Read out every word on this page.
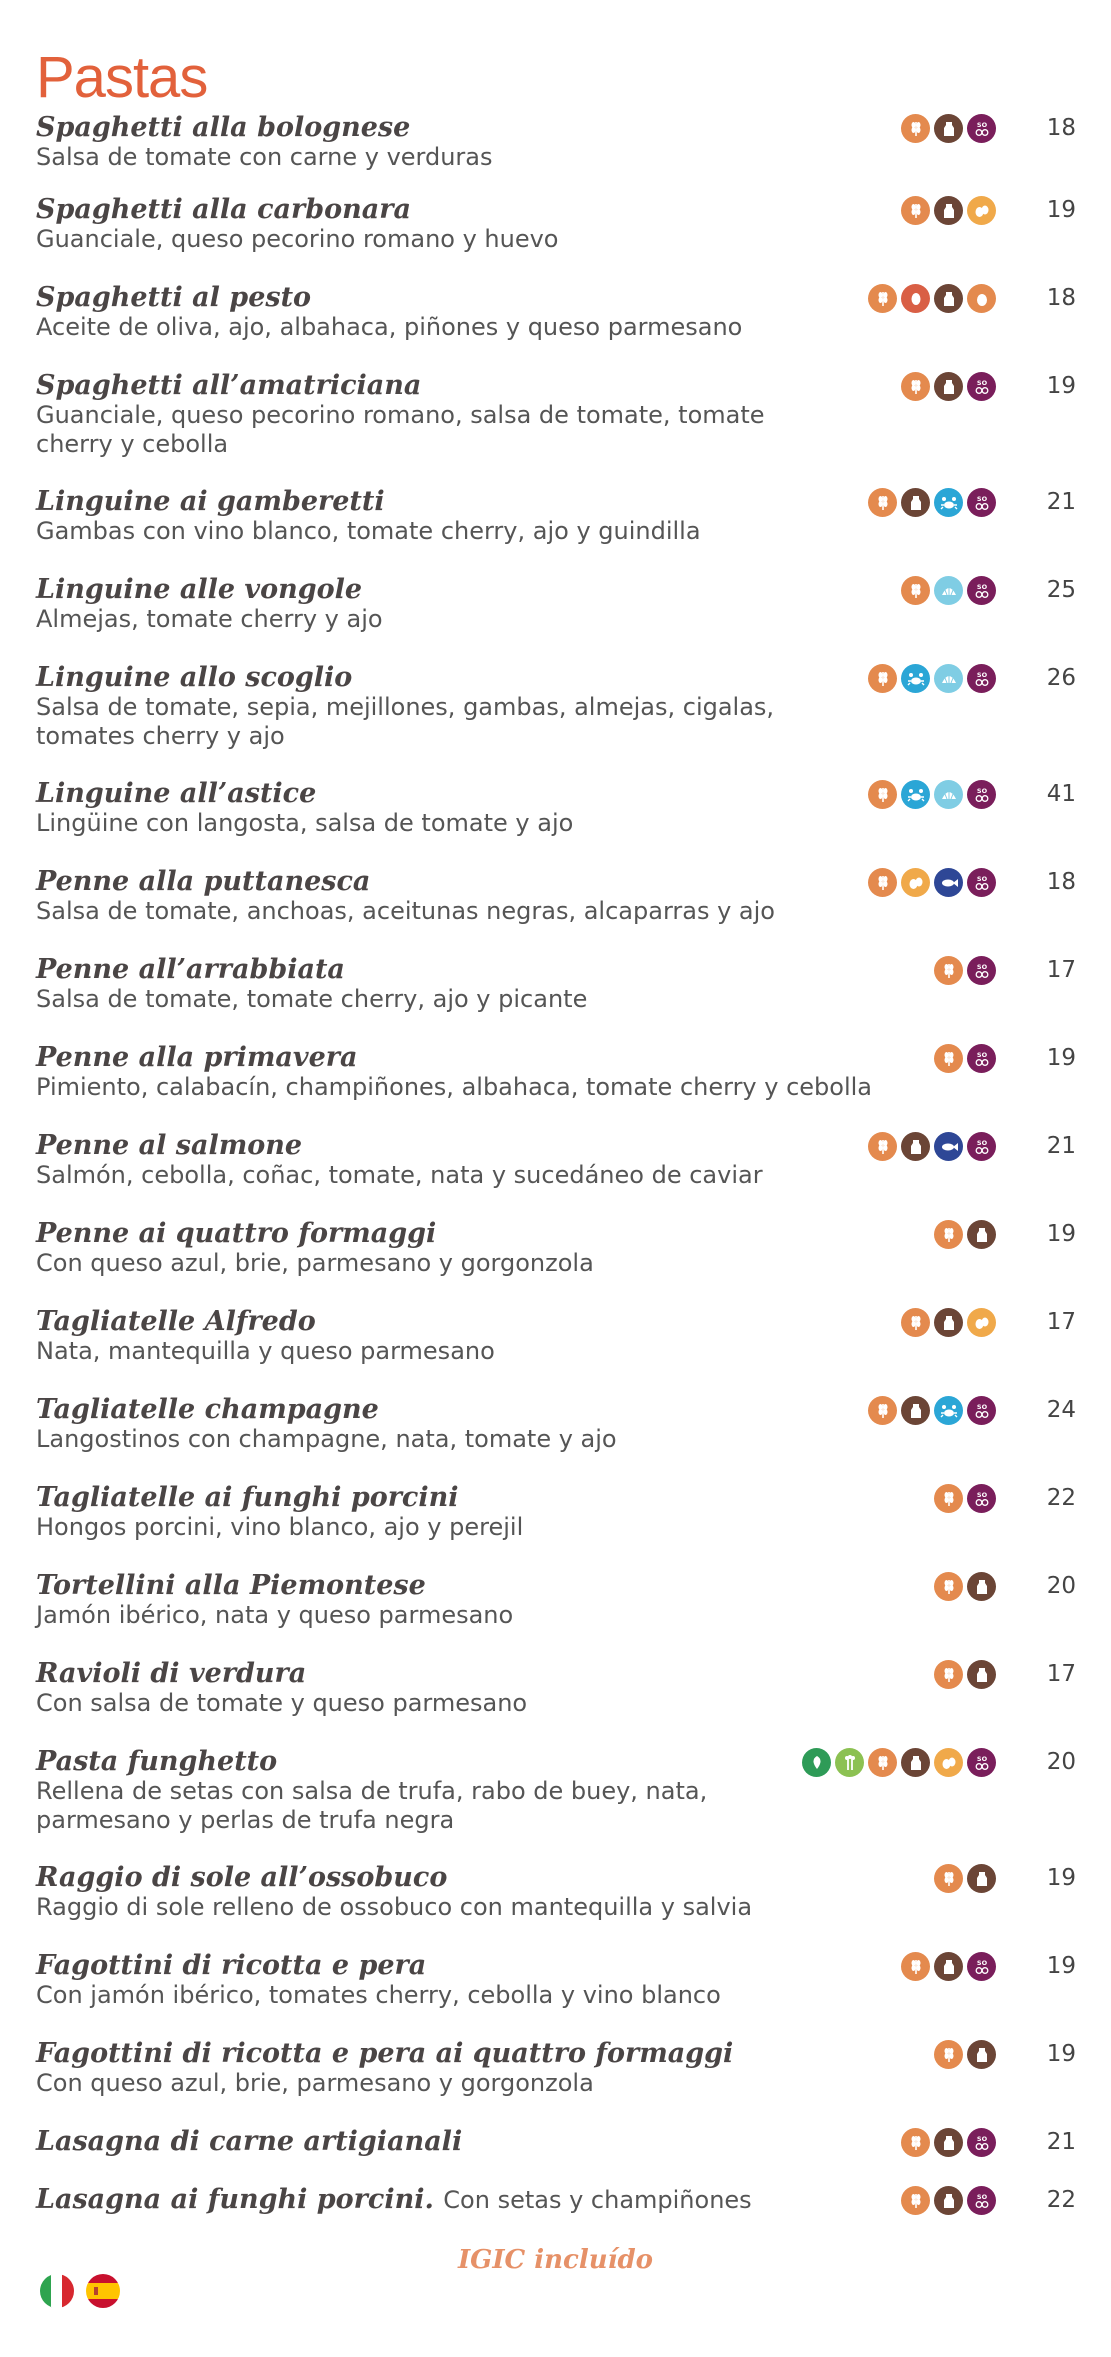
Pastas
Spaghetti alla bolognese
Salsa de tomate con carne y verduras
SO	18
Spaghetti alla carbonara
Guanciale, queso pecorino romano y huevo
19
Spaghetti al pesto
Aceite de oliva, ajo, albahaca, piñones y queso parmesano
18
Spaghetti all’amatriciana
Guanciale, queso pecorino romano, salsa de tomate, tomate cherry y cebolla
SO	19
Linguine ai gamberetti
Gambas con vino blanco, tomate cherry, ajo y guindilla
SO	21
Linguine alle vongole
Almejas, tomate cherry y ajo
SO	25
Linguine allo scoglio
Salsa de tomate, sepia, mejillones, gambas, almejas, cigalas, tomates cherry y ajo
SO	26
Linguine all’astice
Lingüine con langosta, salsa de tomate y ajo
SO	41
Penne alla puttanesca
Salsa de tomate, anchoas, aceitunas negras, alcaparras y ajo
SO	18
Penne all’arrabbiata
Salsa de tomate, tomate cherry, ajo y picante
SO	17
Penne alla primavera
Pimiento, calabacín, champiñones, albahaca, tomate cherry y cebolla
SO	19
Penne al salmone
Salmón, cebolla, coñac, tomate, nata y sucedáneo de caviar
SO	21
Penne ai quattro formaggi
Con queso azul, brie, parmesano y gorgonzola
19
Tagliatelle Alfredo
Nata, mantequilla y queso parmesano
17
Tagliatelle champagne
Langostinos con champagne, nata, tomate y ajo
SO	24
Tagliatelle ai funghi porcini
Hongos porcini, vino blanco, ajo y perejil
SO	22
Tortellini alla Piemontese
Jamón ibérico, nata y queso parmesano
20
Ravioli di verdura
Con salsa de tomate y queso parmesano
17
Pasta funghetto
Rellena de setas con salsa de trufa, rabo de buey, nata, parmesano y perlas de trufa negra
SO	20
Raggio di sole all’ossobuco
Raggio di sole relleno de ossobuco con mantequilla y salvia
19
Fagottini di ricotta e pera
Con jamón ibérico, tomates cherry, cebolla y vino blanco
SO	19
Fagottini di ricotta e pera ai quattro formaggi
Con queso azul, brie, parmesano y gorgonzola
19
Lasagna di carne artigianali	SO	21
Lasagna ai funghi porcini. Con setas y champiñones	SO	22
IGIC incluído
